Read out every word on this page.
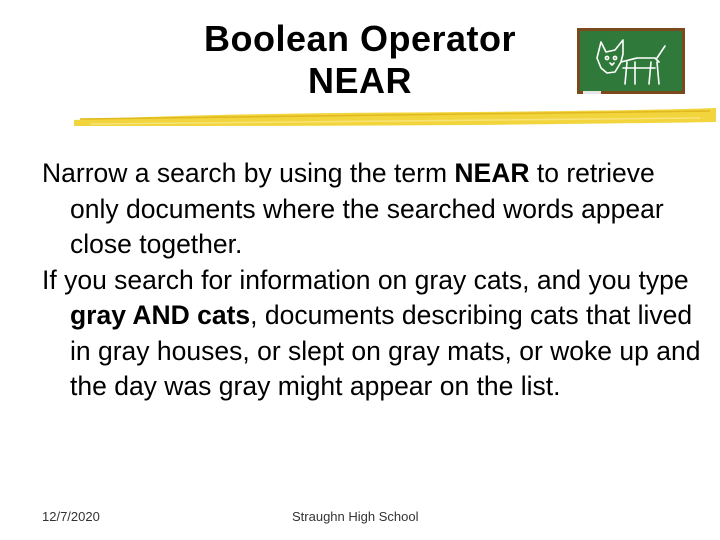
Boolean Operator
NEAR

Narrow a search by using the term NEAR to retrieve only documents where the searched words appear close together.

If you search for information on gray cats, and you type gray AND cats, documents describing cats that lived in gray houses, or slept on gray mats, or woke up and the day was gray might appear on the list.

12/7/2020	Straughn High School
